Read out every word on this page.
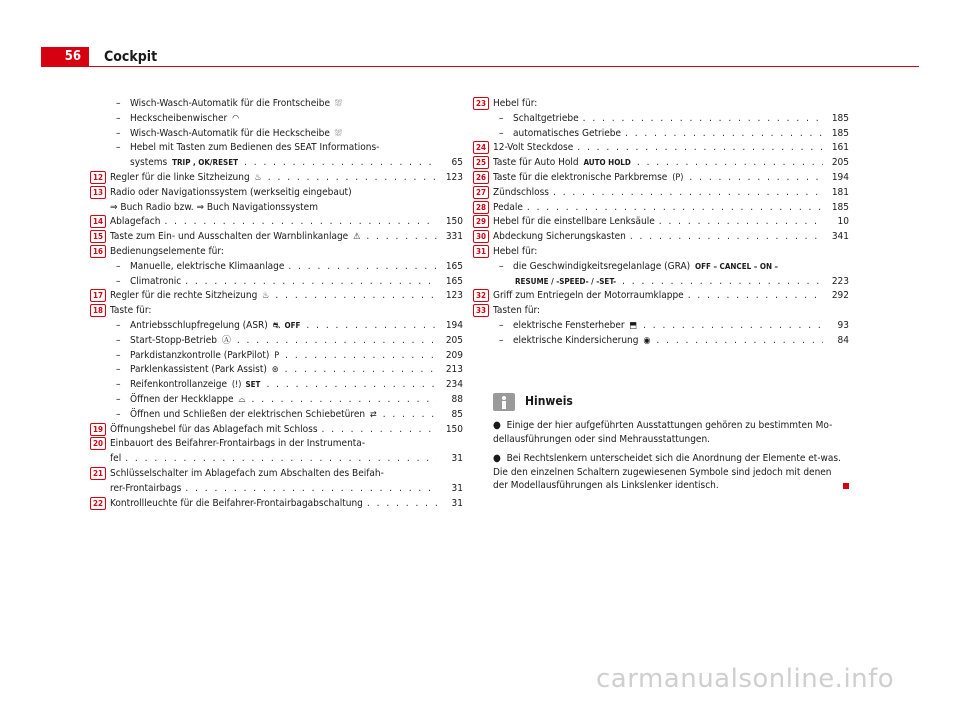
56	Cockpit
– Wisch-Wasch-Automatik für die Frontscheibe ⛆
– Heckscheibenwischer ◠
– Wisch-Wasch-Automatik für die Heckscheibe ⛆
– Hebel mit Tasten zum Bedienen des SEAT Informations-
systems TRIP , OK/RESET . . .	65
12 Regler für die linke Sitzheizung ♨ . . .	123
13 Radio oder Navigationssystem (werkseitig eingebaut)
⇒ Buch Radio bzw. ⇒ Buch Navigationssystem
14 Ablagefach . . .	150
15 Taste zum Ein- und Ausschalten der Warnblinkanlage ⚠ . . .	331
16 Bedienungselemente für:
– Manuelle, elektrische Klimaanlage . . .	165
– Climatronic . . .	165
17 Regler für die rechte Sitzheizung ♨ . . .	123
18 Taste für:
– Antriebsschlupfregelung (ASR) ⛐ OFF . . .	194
– Start-Stopp-Betrieb Ⓐ . . .	205
– Parkdistanzkontrolle (ParkPilot) P . . .	209
– Parklenkassistent (Park Assist) ⊛ . . .	213
– Reifenkontrollanzeige (!) SET . . .	234
– Öffnen der Heckklappe ⌓ . . .	88
– Öffnen und Schließen der elektrischen Schiebetüren ⇄ . . .	85
19 Öffnungshebel für das Ablagefach mit Schloss . . .	150
20 Einbauort des Beifahrer-Frontairbags in der Instrumenta-
fel . . .	31
21 Schlüsselschalter im Ablagefach zum Abschalten des Beifah-
rer-Frontairbags . . .	31
22 Kontrollleuchte für die Beifahrer-Frontairbagabschaltung . . .	31
23 Hebel für:
– Schaltgetriebe . . .	185
– automatisches Getriebe . . .	185
24 12-Volt Steckdose . . .	161
25 Taste für Auto Hold AUTO HOLD . . .	205
26 Taste für die elektronische Parkbremse (P) . . .	194
27 Zündschloss . . .	181
28 Pedale . . .	185
29 Hebel für die einstellbare Lenksäule . . .	10
30 Abdeckung Sicherungskasten . . .	341
31 Hebel für:
– die Geschwindigkeitsregelanlage (GRA) OFF – CANCEL – ON –
RESUME / -SPEED- / -SET- . . .	223
32 Griff zum Entriegeln der Motorraumklappe . . .	292
33 Tasten für:
– elektrische Fensterheber ⬒ . . .	93
– elektrische Kindersicherung ◉ . . .	84
Hinweis
● Einige der hier aufgeführten Ausstattungen gehören zu bestimmten Mo-dellausführungen oder sind Mehrausstattungen.
● Bei Rechtslenkern unterscheidet sich die Anordnung der Elemente et-was. Die den einzelnen Schaltern zugewiesenen Symbole sind jedoch mit denen der Modellausführungen als Linkslenker identisch.
carmanualsonline.info
